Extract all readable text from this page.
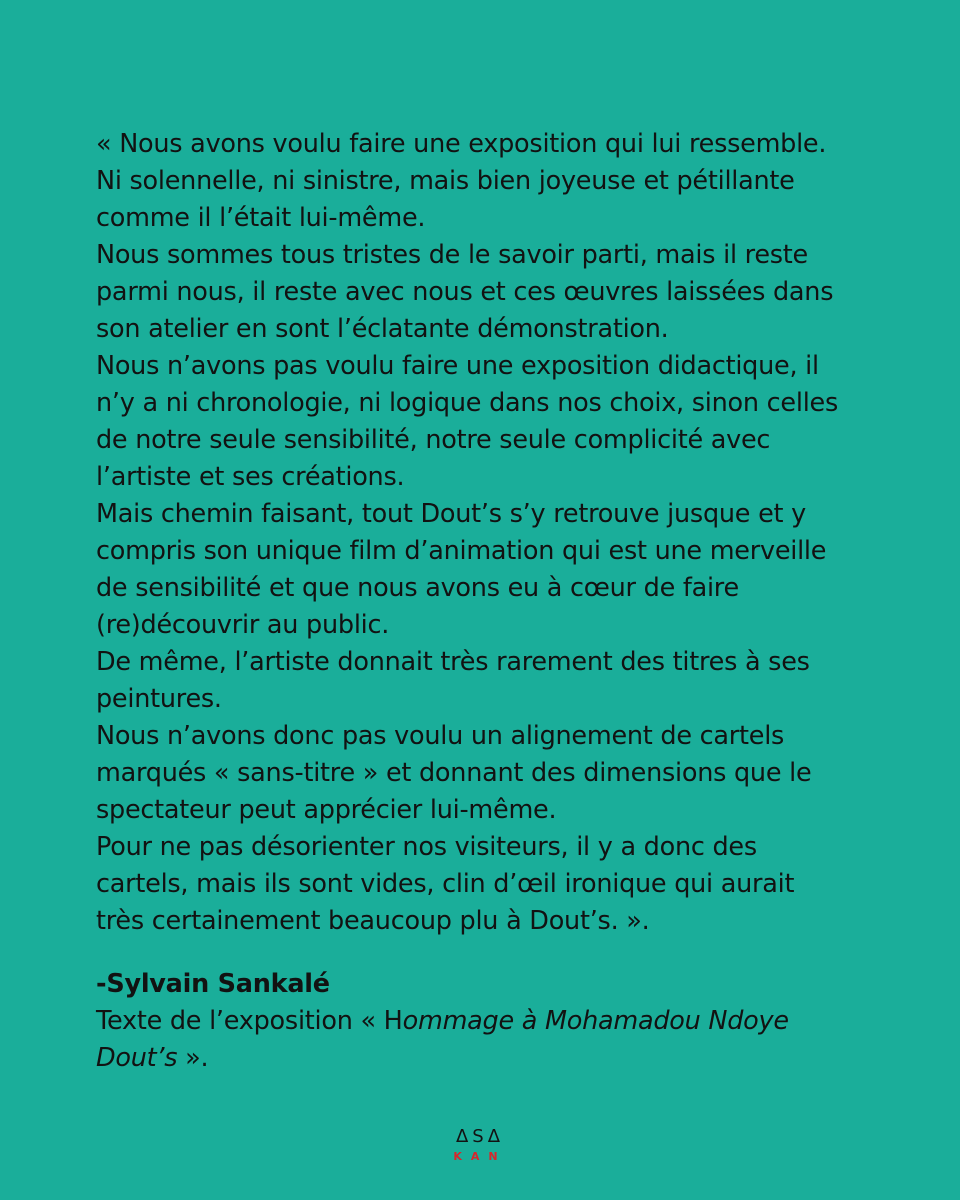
« Nous avons voulu faire une exposition qui lui ressemble.
Ni solennelle, ni sinistre, mais bien joyeuse et pétillante
comme il l’était lui-même.
Nous sommes tous tristes de le savoir parti, mais il reste
parmi nous, il reste avec nous et ces œuvres laissées dans
son atelier en sont l’éclatante démonstration.
Nous n’avons pas voulu faire une exposition didactique, il
n’y a ni chronologie, ni logique dans nos choix, sinon celles
de notre seule sensibilité, notre seule complicité avec
l’artiste et ses créations.
Mais chemin faisant, tout Dout’s s’y retrouve jusque et y
compris son unique film d’animation qui est une merveille
de sensibilité et que nous avons eu à cœur de faire
(re)découvrir au public.
De même, l’artiste donnait très rarement des titres à ses
peintures.
Nous n’avons donc pas voulu un alignement de cartels
marqués « sans-titre » et donnant des dimensions que le
spectateur peut apprécier lui-même.
Pour ne pas désorienter nos visiteurs, il y a donc des
cartels, mais ils sont vides, clin d’œil ironique qui aurait
très certainement beaucoup plu à Dout’s. ».
-Sylvain Sankalé
Texte de l’exposition « Hommage à Mohamadou Ndoye
Dout’s ».
ΔSΔ
KAN
